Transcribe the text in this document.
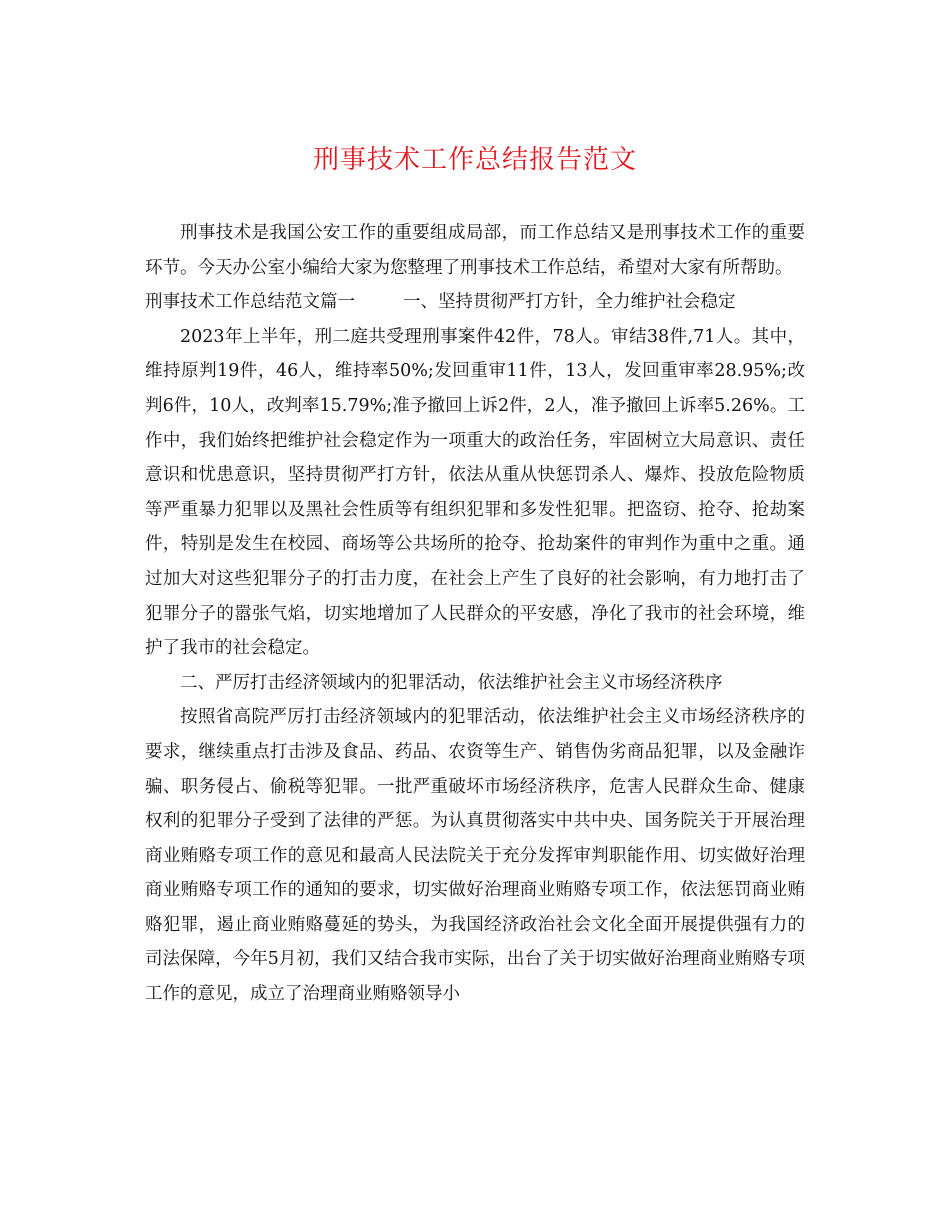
刑事技术工作总结报告范文

刑事技术是我国公安工作的重要组成局部，而工作总结又是刑事技术工作的重要环节。今天办公室小编给大家为您整理了刑事技术工作总结，希望对大家有所帮助。

刑事技术工作总结范文篇一	一、坚持贯彻严打方针，全力维护社会稳定

2023年上半年，刑二庭共受理刑事案件42件，78人。审结38件,71人。其中，维持原判19件，46人，维持率50%;发回重审11件，13人，发回重审率28.95%;改判6件，10人，改判率15.79%;准予撤回上诉2件，2人，准予撤回上诉率5.26%。工作中，我们始终把维护社会稳定作为一项重大的政治任务，牢固树立大局意识、责任意识和忧患意识，坚持贯彻严打方针，依法从重从快惩罚杀人、爆炸、投放危险物质等严重暴力犯罪以及黑社会性质等有组织犯罪和多发性犯罪。把盗窃、抢夺、抢劫案件，特别是发生在校园、商场等公共场所的抢夺、抢劫案件的审判作为重中之重。通过加大对这些犯罪分子的打击力度，在社会上产生了良好的社会影响，有力地打击了犯罪分子的嚣张气焰，切实地增加了人民群众的平安感，净化了我市的社会环境，维护了我市的社会稳定。

二、严厉打击经济领域内的犯罪活动，依法维护社会主义市场经济秩序

按照省高院严厉打击经济领域内的犯罪活动，依法维护社会主义市场经济秩序的要求，继续重点打击涉及食品、药品、农资等生产、销售伪劣商品犯罪，以及金融诈骗、职务侵占、偷税等犯罪。一批严重破坏市场经济秩序，危害人民群众生命、健康权利的犯罪分子受到了法律的严惩。为认真贯彻落实中共中央、国务院关于开展治理商业贿赂专项工作的意见和最高人民法院关于充分发挥审判职能作用、切实做好治理商业贿赂专项工作的通知的要求，切实做好治理商业贿赂专项工作，依法惩罚商业贿赂犯罪，遏止商业贿赂蔓延的势头，为我国经济政治社会文化全面开展提供强有力的司法保障，今年5月初，我们又结合我市实际，出台了关于切实做好治理商业贿赂专项工作的意见，成立了治理商业贿赂领导小
